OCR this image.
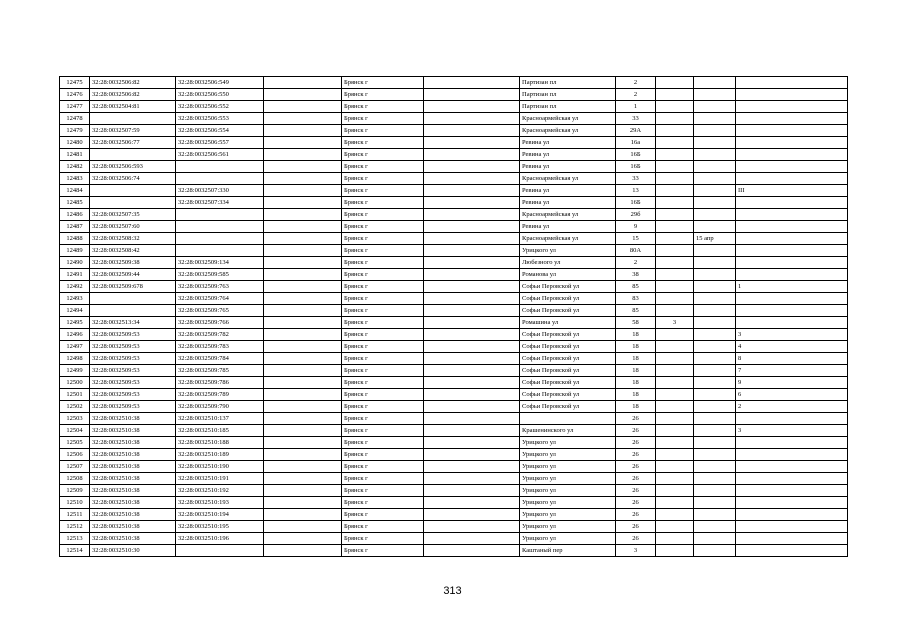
12475	32:28:0032506:82	32:28:0032506:549		Брянск г		Партизан пл	2			
12476	32:28:0032506:82	32:28:0032506:550		Брянск г		Партизан пл	2			
12477	32:28:0032504:81	32:28:0032506:552		Брянск г		Партизан пл	1			
12478		32:28:0032506:553		Брянск г		Красноармейская ул	33			
12479	32:28:0032507:59	32:28:0032506:554		Брянск г		Красноармейская ул	29А			
12480	32:28:0032506:77	32:28:0032506:557		Брянск г		Ревина ул	16а			
12481		32:28:0032506:561		Брянск г		Ревина ул	16Б			
12482	32:28:0032506:593			Брянск г		Ревина ул	16Б			
12483	32:28:0032506:74			Брянск г		Красноармейская ул	33			
12484		32:28:0032507:330		Брянск г		Ревина ул	13			III
12485		32:28:0032507:334		Брянск г		Ревина ул	16Б			
12486	32:28:0032507:35			Брянск г		Красноармейская ул	29б			
12487	32:28:0032507:60			Брянск г		Ревина ул	9			
12488	32:28:0032508:32			Брянск г		Красноармейская ул	15		15 апр	
12489	32:28:0032508:42			Брянск г		Урицкого ул	80А			
12490	32:28:0032509:38	32:28:0032509:134		Брянск г		Любезного ул	2			
12491	32:28:0032509:44	32:28:0032509:585		Брянск г		Романова ул	38			
12492	32:28:0032509:678	32:28:0032509:763		Брянск г		Софьи Перовской ул	85			1
12493		32:28:0032509:764		Брянск г		Софьи Перовской ул	83			
12494		32:28:0032509:765		Брянск г		Софьи Перовской ул	85			
12495	32:28:0032513:34	32:28:0032509:766		Брянск г		Ромашина ул	58	3		
12496	32:28:0032509:53	32:28:0032509:782		Брянск г		Софьи Перовской ул	18			3
12497	32:28:0032509:53	32:28:0032509:783		Брянск г		Софьи Перовской ул	18			4
12498	32:28:0032509:53	32:28:0032509:784		Брянск г		Софьи Перовской ул	18			8
12499	32:28:0032509:53	32:28:0032509:785		Брянск г		Софьи Перовской ул	18			7
12500	32:28:0032509:53	32:28:0032509:786		Брянск г		Софьи Перовской ул	18			9
12501	32:28:0032509:53	32:28:0032509:789		Брянск г		Софьи Перовской ул	18			6
12502	32:28:0032509:53	32:28:0032509:790		Брянск г		Софьи Перовской ул	18			2
12503	32:28:0032510:38	32:28:0032510:137		Брянск г			26			
12504	32:28:0032510:38	32:28:0032510:185		Брянск г		Крашенинского ул	26			3
12505	32:28:0032510:38	32:28:0032510:188		Брянск г		Урицкого ул	26			
12506	32:28:0032510:38	32:28:0032510:189		Брянск г		Урицкого ул	26			
12507	32:28:0032510:38	32:28:0032510:190		Брянск г		Урицкого ул	26			
12508	32:28:0032510:38	32:28:0032510:191		Брянск г		Урицкого ул	26			
12509	32:28:0032510:38	32:28:0032510:192		Брянск г		Урицкого ул	26			
12510	32:28:0032510:38	32:28:0032510:193		Брянск г		Урицкого ул	26			
12511	32:28:0032510:38	32:28:0032510:194		Брянск г		Урицкого ул	26			
12512	32:28:0032510:38	32:28:0032510:195		Брянск г		Урицкого ул	26			
12513	32:28:0032510:38	32:28:0032510:196		Брянск г		Урицкого ул	26			
12514	32:28:0032510:30			Брянск г		Каштаный пер	3			
313
